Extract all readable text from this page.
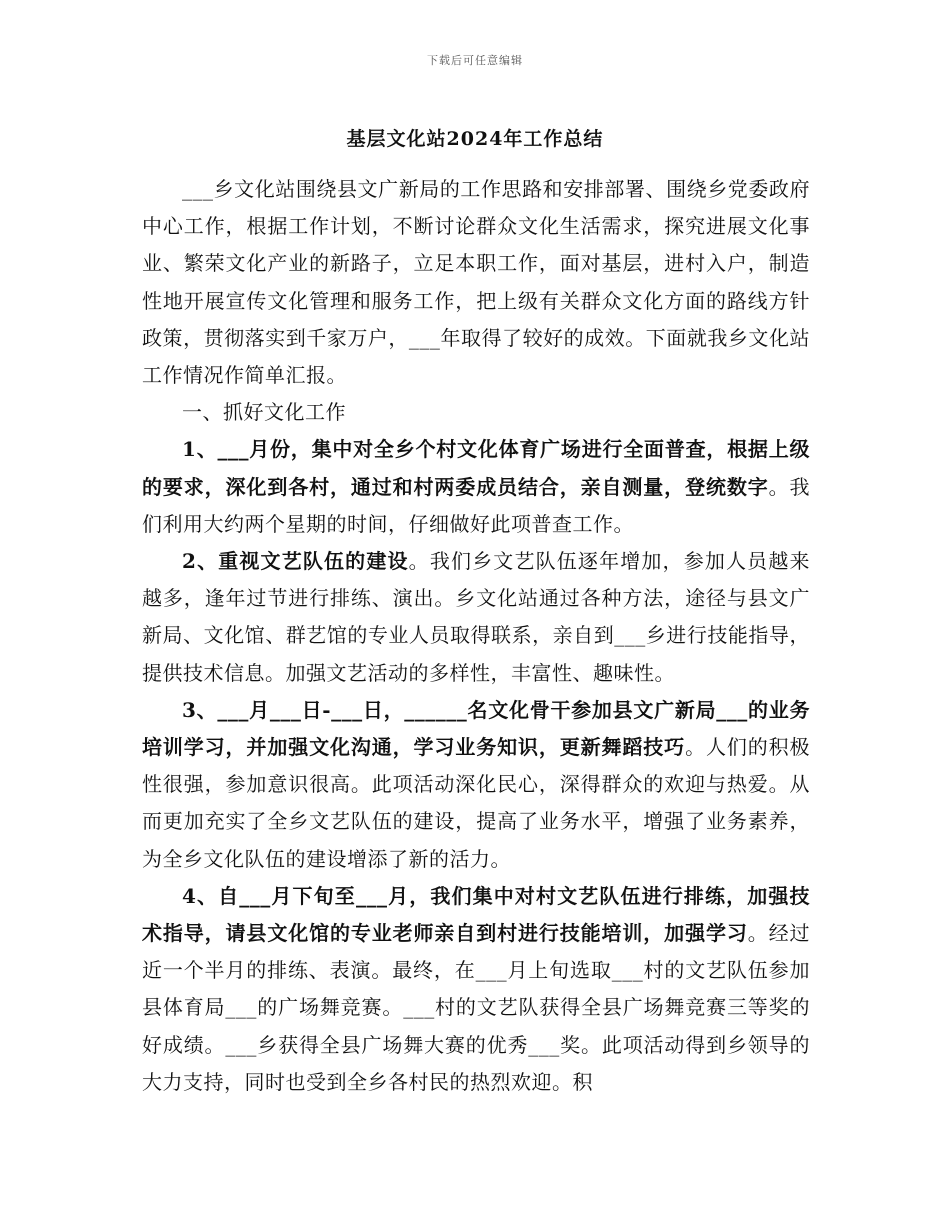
下载后可任意编辑
基层文化站2024年工作总结

___乡文化站围绕县文广新局的工作思路和安排部署、围绕乡党委政府中心工作，根据工作计划，不断讨论群众文化生活需求，探究进展文化事业、繁荣文化产业的新路子，立足本职工作，面对基层，进村入户，制造性地开展宣传文化管理和服务工作，把上级有关群众文化方面的路线方针政策，贯彻落实到千家万户，___年取得了较好的成效。下面就我乡文化站工作情况作简单汇报。

一、抓好文化工作

1、___月份，集中对全乡个村文化体育广场进行全面普查，根据上级的要求，深化到各村，通过和村两委成员结合，亲自测量，登统数字。我们利用大约两个星期的时间，仔细做好此项普查工作。

2、重视文艺队伍的建设。我们乡文艺队伍逐年增加，参加人员越来越多，逢年过节进行排练、演出。乡文化站通过各种方法，途径与县文广新局、文化馆、群艺馆的专业人员取得联系，亲自到___乡进行技能指导，提供技术信息。加强文艺活动的多样性，丰富性、趣味性。

3、___月___日-___日，______名文化骨干参加县文广新局___的业务培训学习，并加强文化沟通，学习业务知识，更新舞蹈技巧。人们的积极性很强，参加意识很高。此项活动深化民心，深得群众的欢迎与热爱。从而更加充实了全乡文艺队伍的建设，提高了业务水平，增强了业务素养，为全乡文化队伍的建设增添了新的活力。

4、自___月下旬至___月，我们集中对村文艺队伍进行排练，加强技术指导，请县文化馆的专业老师亲自到村进行技能培训，加强学习。经过近一个半月的排练、表演。最终，在___月上旬选取___村的文艺队伍参加县体育局___的广场舞竞赛。___村的文艺队获得全县广场舞竞赛三等奖的好成绩。___乡获得全县广场舞大赛的优秀___奖。此项活动得到乡领导的大力支持，同时也受到全乡各村民的热烈欢迎。积
